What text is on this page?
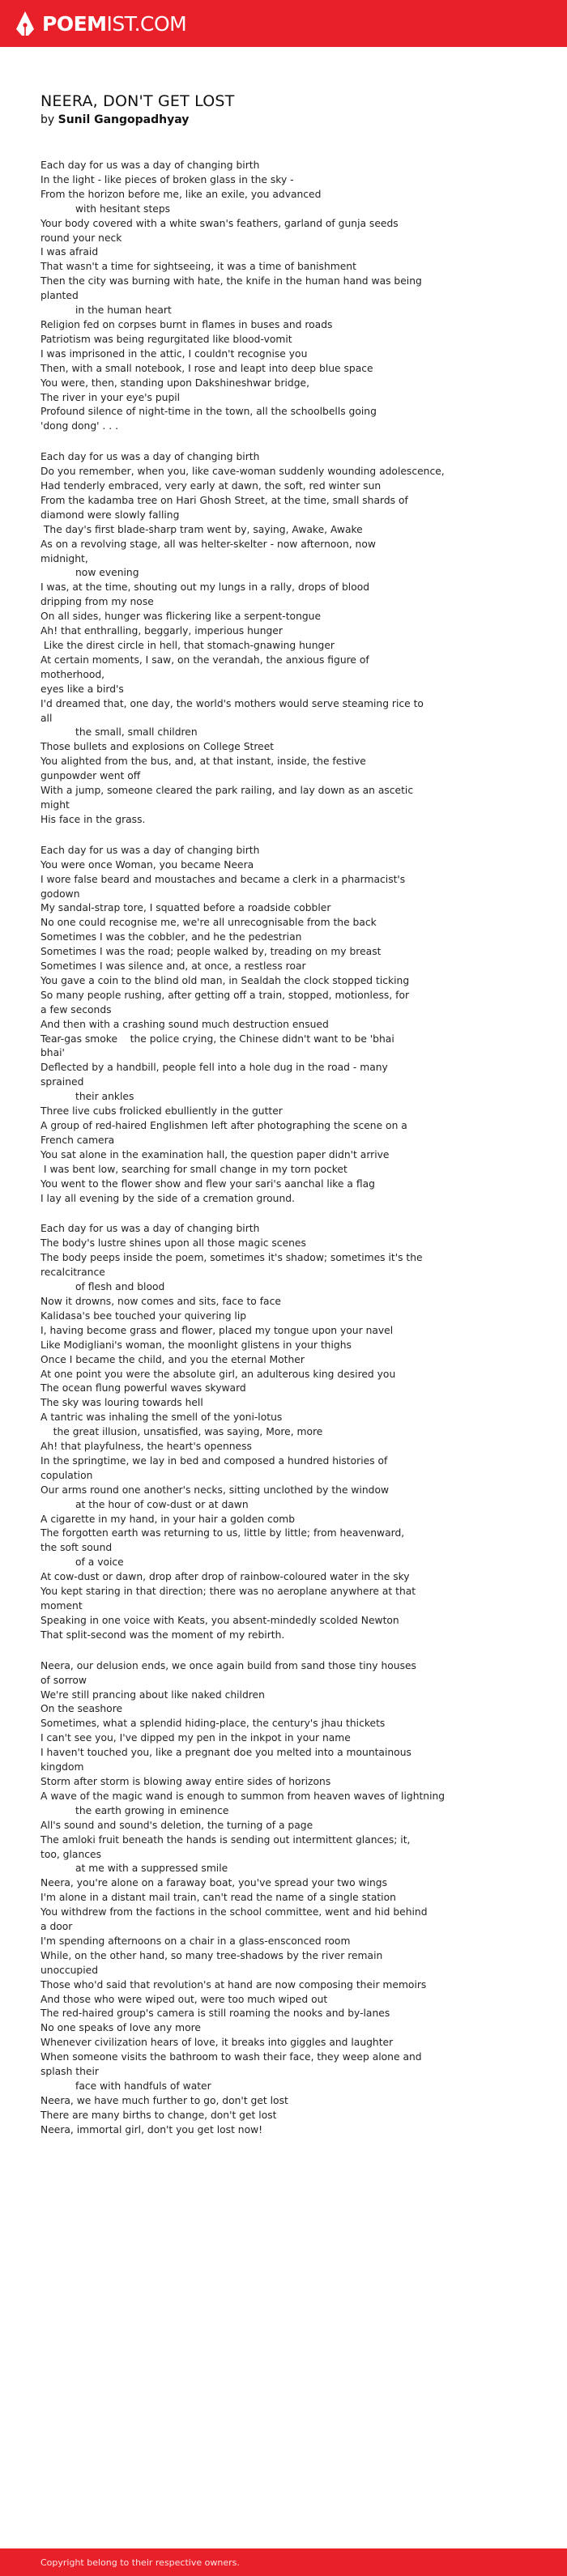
POEMIST.COM
NEERA, DON'T GET LOST
by Sunil Gangopadhyay
Each day for us was a day of changing birth
In the light - like pieces of broken glass in the sky -
From the horizon before me, like an exile, you advanced
with hesitant steps
Your body covered with a white swan's feathers, garland of gunja seeds
round your neck
I was afraid
That wasn't a time for sightseeing, it was a time of banishment
Then the city was burning with hate, the knife in the human hand was being
planted
in the human heart
Religion fed on corpses burnt in flames in buses and roads
Patriotism was being regurgitated like blood-vomit
I was imprisoned in the attic, I couldn't recognise you
Then, with a small notebook, I rose and leapt into deep blue space
You were, then, standing upon Dakshineshwar bridge,
The river in your eye's pupil
Profound silence of night-time in the town, all the schoolbells going
'dong dong' . . .
Each day for us was a day of changing birth
Do you remember, when you, like cave-woman suddenly wounding adolescence,
Had tenderly embraced, very early at dawn, the soft, red winter sun
From the kadamba tree on Hari Ghosh Street, at the time, small shards of
diamond were slowly falling
The day's first blade-sharp tram went by, saying, Awake, Awake
As on a revolving stage, all was helter-skelter - now afternoon, now
midnight,
now evening
I was, at the time, shouting out my lungs in a rally, drops of blood
dripping from my nose
On all sides, hunger was flickering like a serpent-tongue
Ah! that enthralling, beggarly, imperious hunger
Like the direst circle in hell, that stomach-gnawing hunger
At certain moments, I saw, on the verandah, the anxious figure of
motherhood,
eyes like a bird's
I'd dreamed that, one day, the world's mothers would serve steaming rice to
all
the small, small children
Those bullets and explosions on College Street
You alighted from the bus, and, at that instant, inside, the festive
gunpowder went off
With a jump, someone cleared the park railing, and lay down as an ascetic
might
His face in the grass.
Each day for us was a day of changing birth
You were once Woman, you became Neera
I wore false beard and moustaches and became a clerk in a pharmacist's
godown
My sandal-strap tore, I squatted before a roadside cobbler
No one could recognise me, we're all unrecognisable from the back
Sometimes I was the cobbler, and he the pedestrian
Sometimes I was the road; people walked by, treading on my breast
Sometimes I was silence and, at once, a restless roar
You gave a coin to the blind old man, in Sealdah the clock stopped ticking
So many people rushing, after getting off a train, stopped, motionless, for
a few seconds
And then with a crashing sound much destruction ensued
Tear-gas smoke    the police crying, the Chinese didn't want to be 'bhai
bhai'
Deflected by a handbill, people fell into a hole dug in the road - many
sprained
their ankles
Three live cubs frolicked ebulliently in the gutter
A group of red-haired Englishmen left after photographing the scene on a
French camera
You sat alone in the examination hall, the question paper didn't arrive
I was bent low, searching for small change in my torn pocket
You went to the flower show and flew your sari's aanchal like a flag
I lay all evening by the side of a cremation ground.
Each day for us was a day of changing birth
The body's lustre shines upon all those magic scenes
The body peeps inside the poem, sometimes it's shadow; sometimes it's the
recalcitrance
of flesh and blood
Now it drowns, now comes and sits, face to face
Kalidasa's bee touched your quivering lip
I, having become grass and flower, placed my tongue upon your navel
Like Modigliani's woman, the moonlight glistens in your thighs
Once I became the child, and you the eternal Mother
At one point you were the absolute girl, an adulterous king desired you
The ocean flung powerful waves skyward
The sky was louring towards hell
A tantric was inhaling the smell of the yoni-lotus
the great illusion, unsatisfied, was saying, More, more
Ah! that playfulness, the heart's openness
In the springtime, we lay in bed and composed a hundred histories of
copulation
Our arms round one another's necks, sitting unclothed by the window
at the hour of cow-dust or at dawn
A cigarette in my hand, in your hair a golden comb
The forgotten earth was returning to us, little by little; from heavenward,
the soft sound
of a voice
At cow-dust or dawn, drop after drop of rainbow-coloured water in the sky
You kept staring in that direction; there was no aeroplane anywhere at that
moment
Speaking in one voice with Keats, you absent-mindedly scolded Newton
That split-second was the moment of my rebirth.
Neera, our delusion ends, we once again build from sand those tiny houses
of sorrow
We're still prancing about like naked children
On the seashore
Sometimes, what a splendid hiding-place, the century's jhau thickets
I can't see you, I've dipped my pen in the inkpot in your name
I haven't touched you, like a pregnant doe you melted into a mountainous
kingdom
Storm after storm is blowing away entire sides of horizons
A wave of the magic wand is enough to summon from heaven waves of lightning
the earth growing in eminence
All's sound and sound's deletion, the turning of a page
The amloki fruit beneath the hands is sending out intermittent glances; it,
too, glances
at me with a suppressed smile
Neera, you're alone on a faraway boat, you've spread your two wings
I'm alone in a distant mail train, can't read the name of a single station
You withdrew from the factions in the school committee, went and hid behind
a door
I'm spending afternoons on a chair in a glass-ensconced room
While, on the other hand, so many tree-shadows by the river remain
unoccupied
Those who'd said that revolution's at hand are now composing their memoirs
And those who were wiped out, were too much wiped out
The red-haired group's camera is still roaming the nooks and by-lanes
No one speaks of love any more
Whenever civilization hears of love, it breaks into giggles and laughter
When someone visits the bathroom to wash their face, they weep alone and
splash their
face with handfuls of water
Neera, we have much further to go, don't get lost
There are many births to change, don't get lost
Neera, immortal girl, don't you get lost now!
Copyright belong to their respective owners.
